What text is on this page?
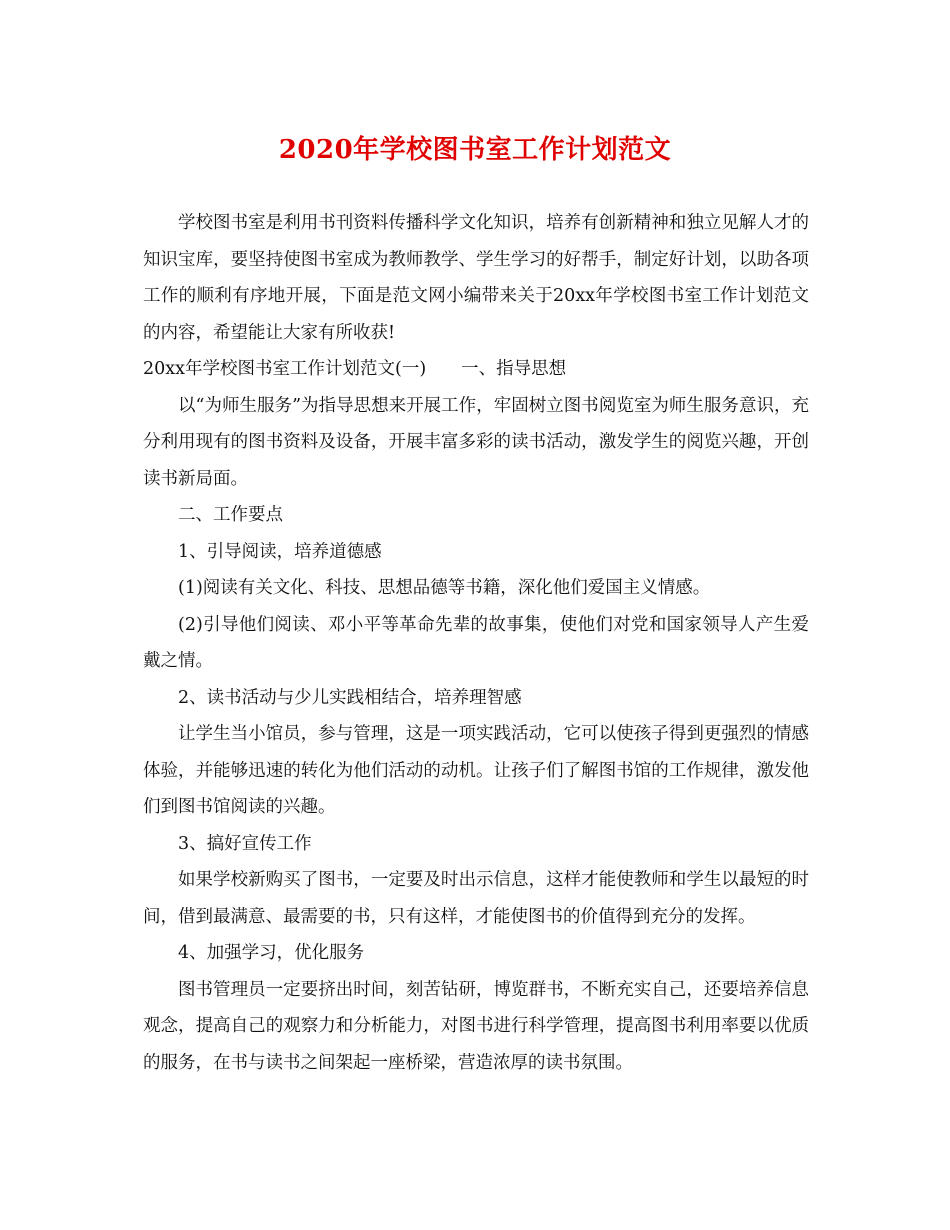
2020年学校图书室工作计划范文

学校图书室是利用书刊资料传播科学文化知识，培养有创新精神和独立见解人才的知识宝库，要坚持使图书室成为教师教学、学生学习的好帮手，制定好计划，以助各项工作的顺利有序地开展，下面是范文网小编带来关于20xx年学校图书室工作计划范文的内容，希望能让大家有所收获!

20xx年学校图书室工作计划范文(一)　　一、指导思想

以“为师生服务”为指导思想来开展工作，牢固树立图书阅览室为师生服务意识，充分利用现有的图书资料及设备，开展丰富多彩的读书活动，激发学生的阅览兴趣，开创读书新局面。

二、工作要点

1、引导阅读，培养道德感

(1)阅读有关文化、科技、思想品德等书籍，深化他们爱国主义情感。

(2)引导他们阅读、邓小平等革命先辈的故事集，使他们对党和国家领导人产生爱戴之情。

2、读书活动与少儿实践相结合，培养理智感

让学生当小馆员，参与管理，这是一项实践活动，它可以使孩子得到更强烈的情感体验，并能够迅速的转化为他们活动的动机。让孩子们了解图书馆的工作规律，激发他们到图书馆阅读的兴趣。

3、搞好宣传工作

如果学校新购买了图书，一定要及时出示信息，这样才能使教师和学生以最短的时间，借到最满意、最需要的书，只有这样，才能使图书的价值得到充分的发挥。

4、加强学习，优化服务

图书管理员一定要挤出时间，刻苦钻研，博览群书，不断充实自己，还要培养信息观念，提高自己的观察力和分析能力，对图书进行科学管理，提高图书利用率要以优质的服务，在书与读书之间架起一座桥梁，营造浓厚的读书氛围。
